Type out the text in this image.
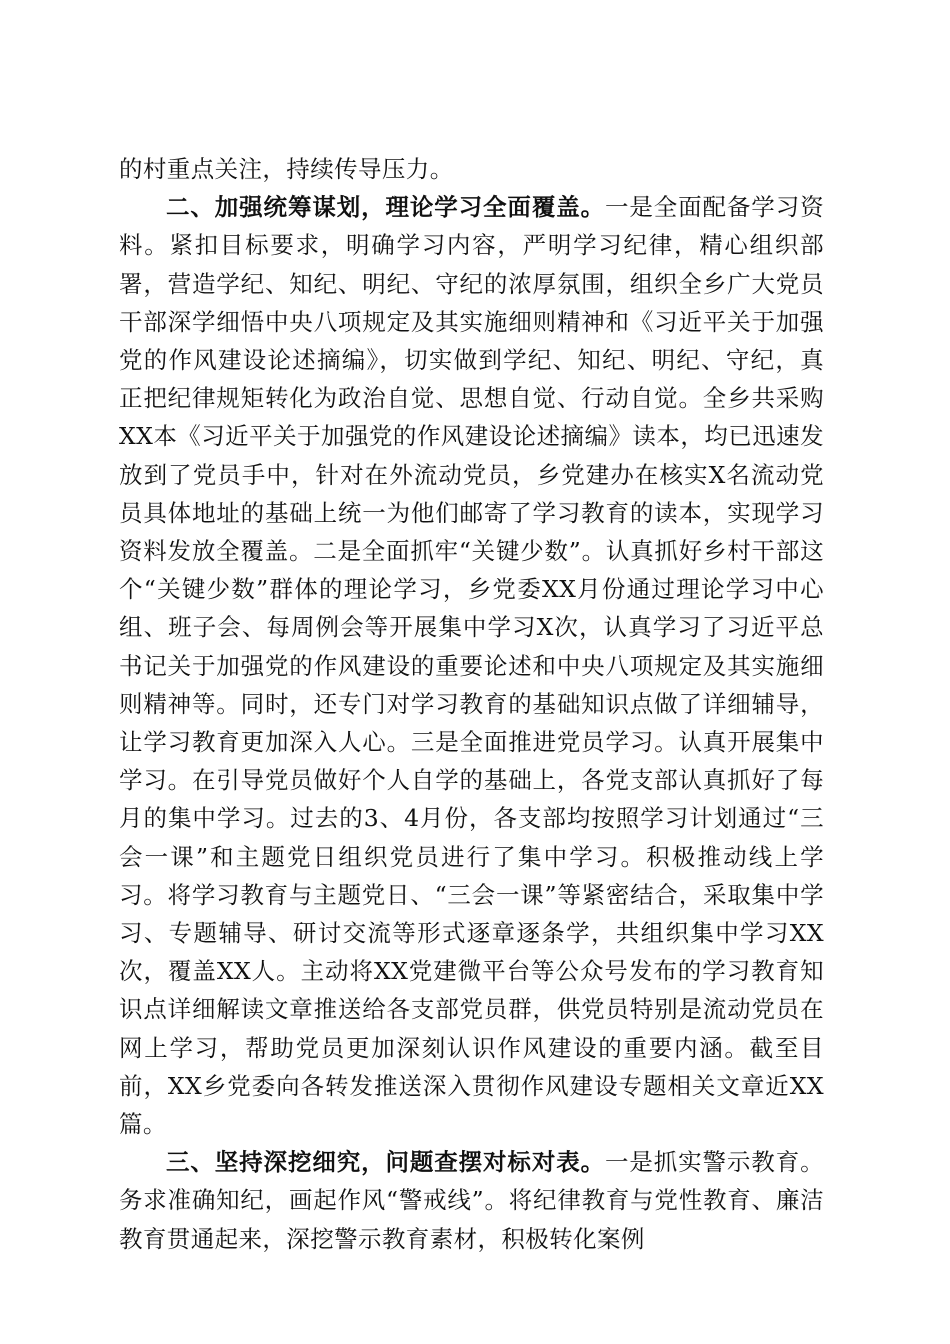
的村重点关注，持续传导压力。

二、加强统筹谋划，理论学习全面覆盖。一是全面配备学习资料。紧扣目标要求，明确学习内容，严明学习纪律，精心组织部署，营造学纪、知纪、明纪、守纪的浓厚氛围，组织全乡广大党员干部深学细悟中央八项规定及其实施细则精神和《习近平关于加强党的作风建设论述摘编》，切实做到学纪、知纪、明纪、守纪，真正把纪律规矩转化为政治自觉、思想自觉、行动自觉。全乡共采购XX本《习近平关于加强党的作风建设论述摘编》读本，均已迅速发放到了党员手中，针对在外流动党员，乡党建办在核实X名流动党员具体地址的基础上统一为他们邮寄了学习教育的读本，实现学习资料发放全覆盖。二是全面抓牢“关键少数”。认真抓好乡村干部这个“关键少数”群体的理论学习，乡党委XX月份通过理论学习中心组、班子会、每周例会等开展集中学习X次，认真学习了习近平总书记关于加强党的作风建设的重要论述和中央八项规定及其实施细则精神等。同时，还专门对学习教育的基础知识点做了详细辅导，让学习教育更加深入人心。三是全面推进党员学习。认真开展集中学习。在引导党员做好个人自学的基础上，各党支部认真抓好了每月的集中学习。过去的3、4月份，各支部均按照学习计划通过“三会一课”和主题党日组织党员进行了集中学习。积极推动线上学习。将学习教育与主题党日、“三会一课”等紧密结合，采取集中学习、专题辅导、研讨交流等形式逐章逐条学，共组织集中学习XX次，覆盖XX人。主动将XX党建微平台等公众号发布的学习教育知识点详细解读文章推送给各支部党员群，供党员特别是流动党员在网上学习，帮助党员更加深刻认识作风建设的重要内涵。截至目前，XX乡党委向各转发推送深入贯彻作风建设专题相关文章近XX篇。

三、坚持深挖细究，问题查摆对标对表。一是抓实警示教育。务求准确知纪，画起作风“警戒线”。将纪律教育与党性教育、廉洁教育贯通起来，深挖警示教育素材，积极转化案例
